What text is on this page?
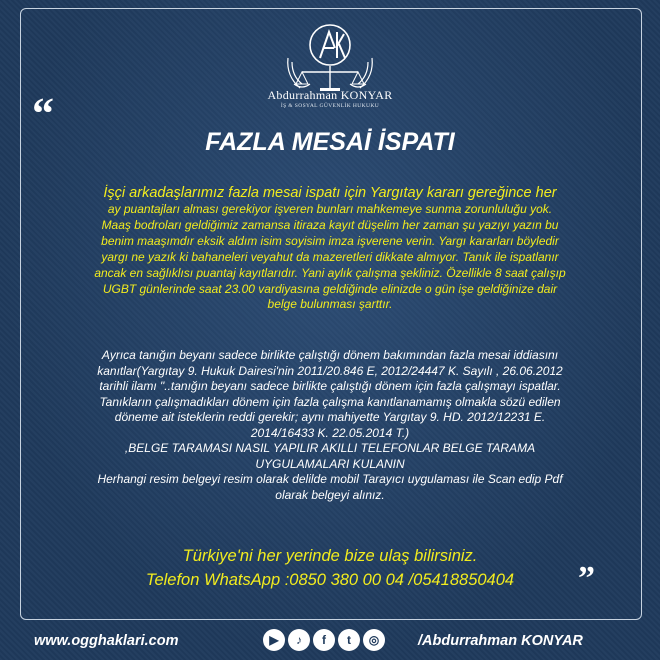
Abdurrahman KONYAR
İŞ & SOSYAL GÜVENLİK HUKUKU
“
FAZLA MESAİ İSPATI
İşçi arkadaşlarımız fazla mesai ispatı için Yargıtay kararı gereğince her
ay puantajları alması gerekiyor işveren bunları mahkemeye sunma zorunluluğu yok.
Maaş bodroları geldiğimiz zamansa itiraza kayıt düşelim her zaman şu yazıyı yazın bu
benim maaşımdır eksik aldım isim soyisim imza işverene verin. Yargı kararları böyledir
yargı ne yazık ki bahaneleri veyahut da mazeretleri dikkate almıyor. Tanık ile ispatlanır
ancak en sağlıklısı puantaj kayıtlarıdır. Yani aylık çalışma şekliniz. Özellikle 8 saat çalışıp
UGBT günlerinde saat 23.00 vardiyasına geldiğinde elinizde o gün işe geldiğinize dair
belge bulunması şarttır.
Ayrıca tanığın beyanı sadece birlikte çalıştığı dönem bakımından fazla mesai iddiasını
kanıtlar(Yargıtay 9. Hukuk Dairesi'nin 2011/20.846 E, 2012/24447 K. Sayılı , 26.06.2012
tarihli ilamı "..tanığın beyanı sadece birlikte çalıştığı dönem için fazla çalışmayı ispatlar.
Tanıkların çalışmadıkları dönem için fazla çalışma kanıtlanamamış olmakla sözü edilen
döneme ait isteklerin reddi gerekir; aynı mahiyette Yargıtay 9. HD. 2012/12231 E.
2014/16433 K. 22.05.2014 T.)
,BELGE TARAMASI NASIL YAPILIR AKILLI TELEFONLAR BELGE TARAMA
UYGULAMALARI KULANIN
Herhangi resim belgeyi resim olarak delilde mobil Tarayıcı uygulaması ile Scan edip Pdf
olarak belgeyi alınız.
Türkiye'ni her yerinde bize ulaş bilirsiniz.
Telefon WhatsApp :0850 380 00 04 /05418850404	”
www.ogghaklari.com	▶	♪	f	t	◎	/Abdurrahman KONYAR
